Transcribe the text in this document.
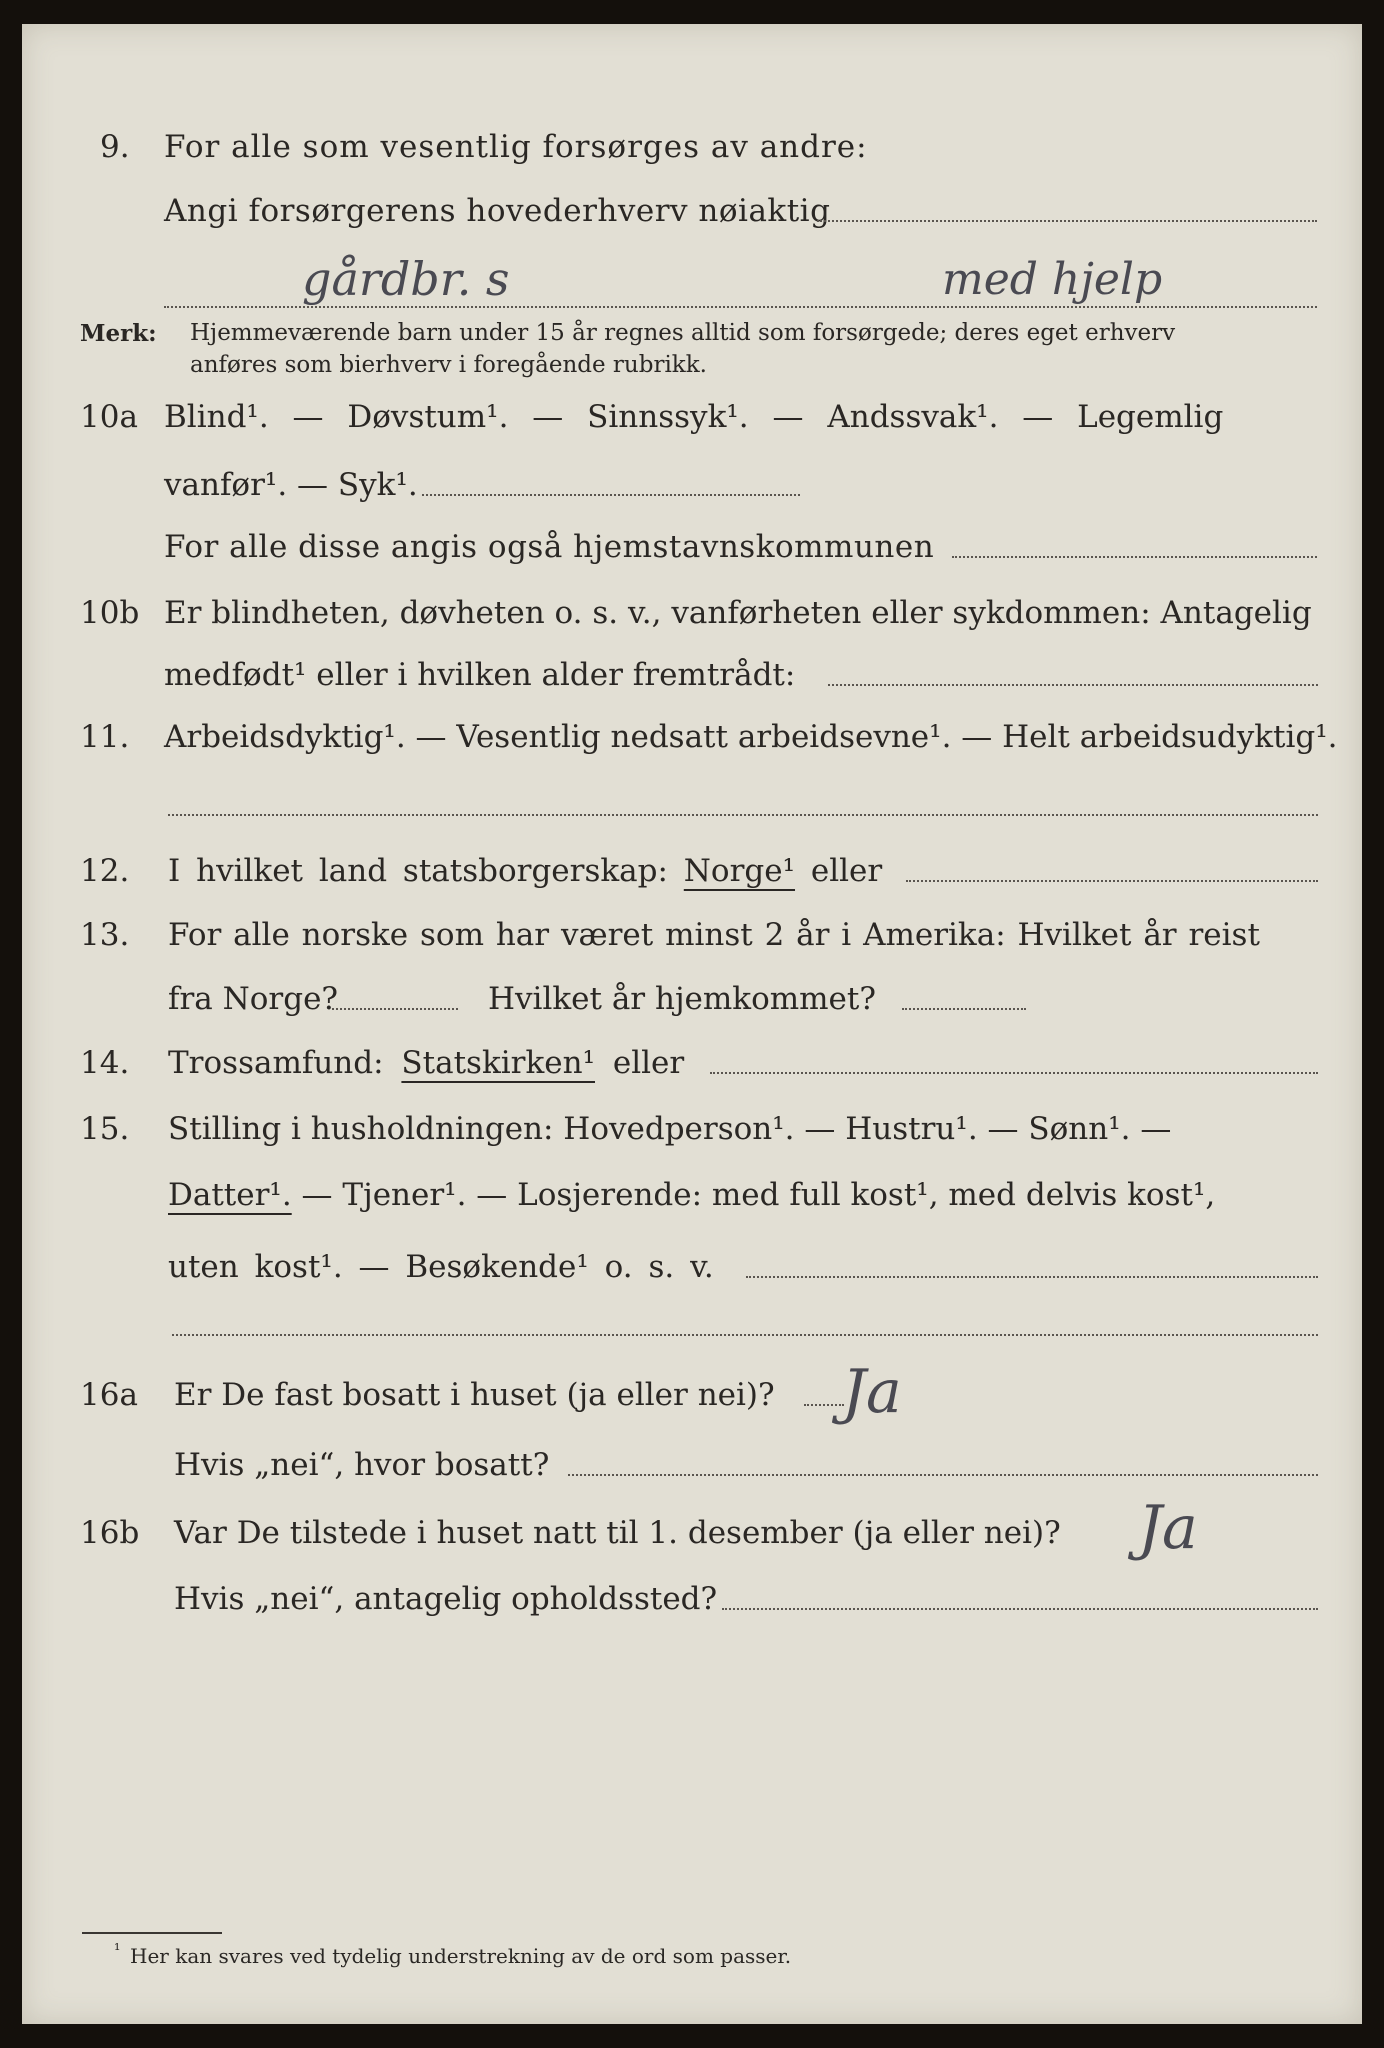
9. For alle som vesentlig forsørges av andre:
Angi forsørgerens hovederhverv nøiaktig
gårdbr. s	med hjelp
Merk: Hjemmeværende barn under 15 år regnes alltid som forsørgede; deres eget erhverv
anføres som bierhverv i foregående rubrikk.
10a Blind¹. — Døvstum¹. — Sinnssyk¹. — Andssvak¹. — Legemlig
vanfør¹. — Syk¹.
For alle disse angis også hjemstavnskommunen
10b Er blindheten, døvheten o. s. v., vanførheten eller sykdommen: Antagelig
medfødt¹ eller i hvilken alder fremtrådt:
11. Arbeidsdyktig¹. — Vesentlig nedsatt arbeidsevne¹. — Helt arbeidsudyktig¹.
12. I hvilket land statsborgerskap: Norge¹ eller
13. For alle norske som har været minst 2 år i Amerika: Hvilket år reist
fra Norge?	Hvilket år hjemkommet?
14. Trossamfund: Statskirken¹ eller
15. Stilling i husholdningen: Hovedperson¹. — Hustru¹. — Sønn¹. —
Datter¹. — Tjener¹. — Losjerende: med full kost¹, med delvis kost¹,
uten kost¹. — Besøkende¹ o. s. v.
16a Er De fast bosatt i huset (ja eller nei)? Ja
Hvis „nei“, hvor bosatt?
16b Var De tilstede i huset natt til 1. desember (ja eller nei)? Ja
Hvis „nei“, antagelig opholdssted?
¹ Her kan svares ved tydelig understrekning av de ord som passer.
